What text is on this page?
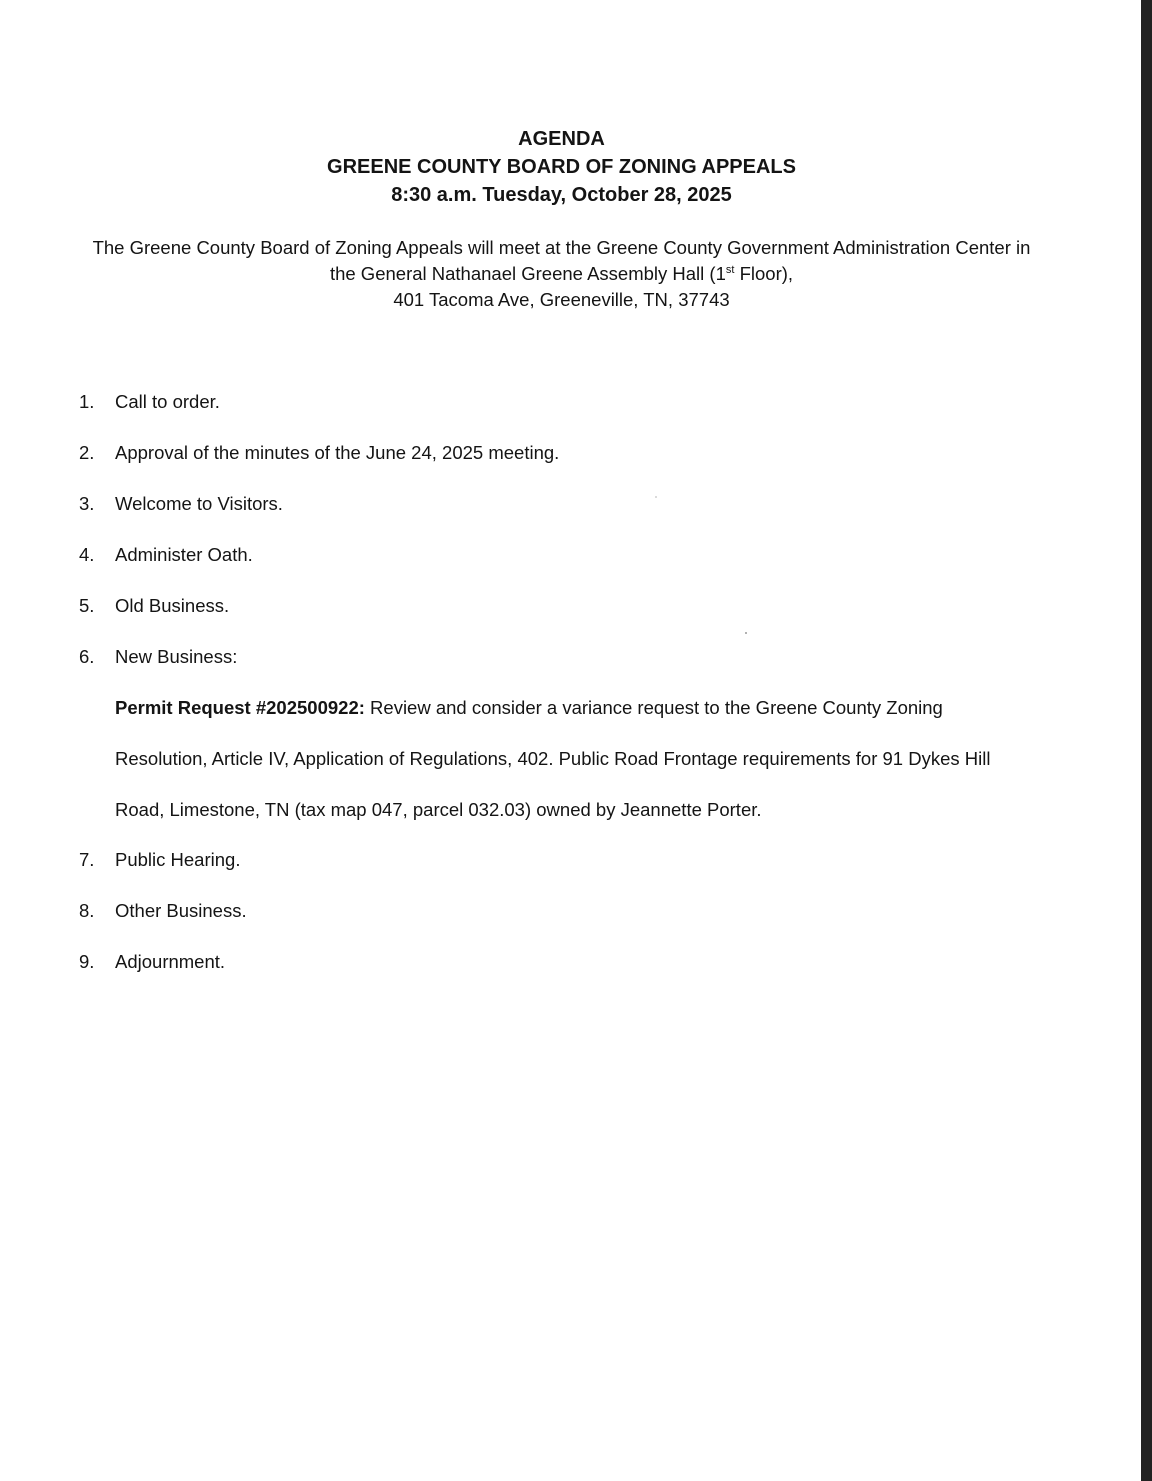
AGENDA
GREENE COUNTY BOARD OF ZONING APPEALS
8:30 a.m. Tuesday, October 28, 2025
The Greene County Board of Zoning Appeals will meet at the Greene County Government Administration Center in
the General Nathanael Greene Assembly Hall (1st Floor),
401 Tacoma Ave, Greeneville, TN, 37743
1. Call to order.
2. Approval of the minutes of the June 24, 2025 meeting.
3. Welcome to Visitors.
4. Administer Oath.
5. Old Business.
6. New Business:
Permit Request #202500922: Review and consider a variance request to the Greene County Zoning
Resolution, Article IV, Application of Regulations, 402. Public Road Frontage requirements for 91 Dykes Hill
Road, Limestone, TN (tax map 047, parcel 032.03) owned by Jeannette Porter.
7. Public Hearing.
8. Other Business.
9. Adjournment.
